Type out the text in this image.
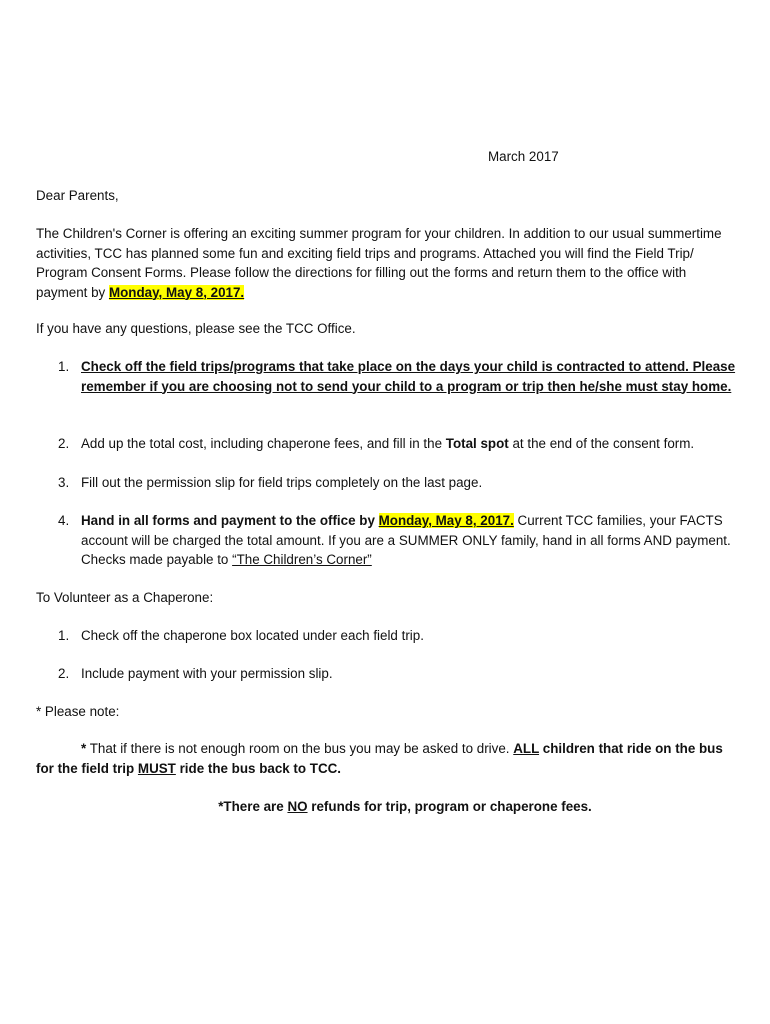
March 2017

Dear Parents,

The Children's Corner is offering an exciting summer program for your children. In addition to our usual summertime activities, TCC has planned some fun and exciting field trips and programs. Attached you will find the Field Trip/ Program Consent Forms. Please follow the directions for filling out the forms and return them to the office with payment by Monday, May 8, 2017.

If you have any questions, please see the TCC Office.

1. Check off the field trips/programs that take place on the days your child is contracted to attend. Please remember if you are choosing not to send your child to a program or trip then he/she must stay home.
2. Add up the total cost, including chaperone fees, and fill in the Total spot at the end of the consent form.
3. Fill out the permission slip for field trips completely on the last page.
4. Hand in all forms and payment to the office by Monday, May 8, 2017. Current TCC families, your FACTS account will be charged the total amount. If you are a SUMMER ONLY family, hand in all forms AND payment. Checks made payable to “The Children’s Corner”

To Volunteer as a Chaperone:

1. Check off the chaperone box located under each field trip.
2. Include payment with your permission slip.

* Please note:

* That if there is not enough room on the bus you may be asked to drive. ALL children that ride on the bus for the field trip MUST ride the bus back to TCC.

*There are NO refunds for trip, program or chaperone fees.
